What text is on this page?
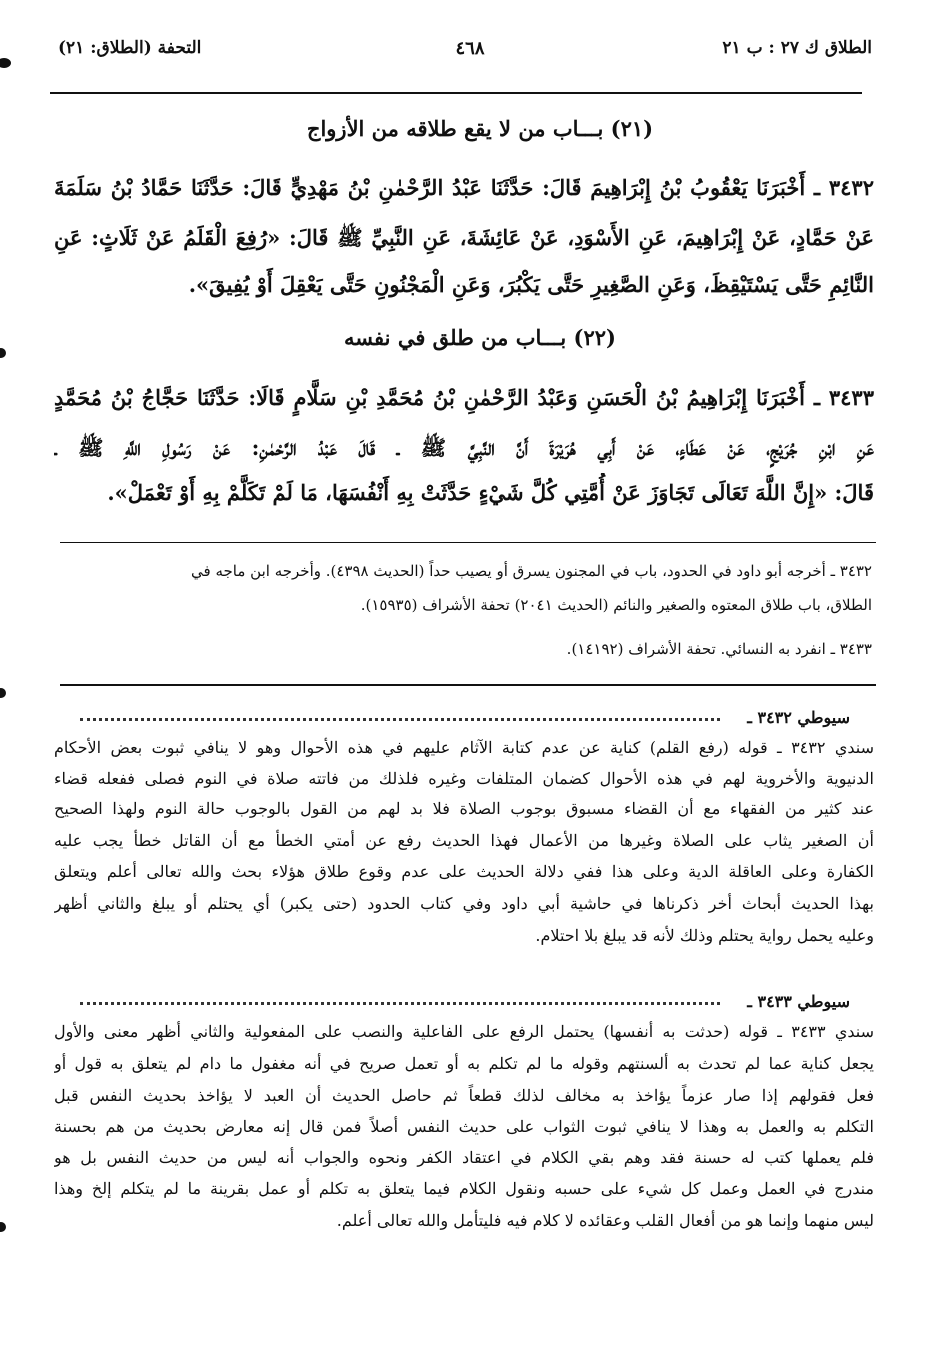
الطلاق ك ٢٧ : ب ٢١
٤٦٨
التحفة (الطلاق: ٢١)
(٢١) بـــاب من لا يقع طلاقه من الأزواج
٣٤٣٢ ـ أَخْبَرَنَا يَعْقُوبُ بْنُ إِبْرَاهِيمَ قَالَ: حَدَّثَنَا عَبْدُ الرَّحْمٰنِ بْنُ مَهْدِيٍّ قَالَ: حَدَّثَنَا حَمَّادُ بْنُ سَلَمَةَ
عَنْ حَمَّادٍ، عَنْ إِبْرَاهِيمَ، عَنِ الأَسْوَدِ، عَنْ عَائِشَةَ، عَنِ النَّبِيِّ ﷺ قَالَ: «رُفِعَ الْقَلَمُ عَنْ ثَلَاثٍ: عَنِ
النَّائِمِ حَتَّى يَسْتَيْقِظَ، وَعَنِ الصَّغِيرِ حَتَّى يَكْبُرَ، وَعَنِ الْمَجْنُونِ حَتَّى يَعْقِلَ أَوْ يُفِيقَ».
(٢٢) بـــاب من طلق في نفسه
٣٤٣٣ ـ أَخْبَرَنَا إِبْرَاهِيمُ بْنُ الْحَسَنِ وَعَبْدُ الرَّحْمٰنِ بْنُ مُحَمَّدِ بْنِ سَلَّامٍ قَالَا: حَدَّثَنَا حَجَّاجُ بْنُ مُحَمَّدٍ
عَنِ ابْنِ جُرَيْجٍ، عَنْ عَطَاءٍ، عَنْ أَبِي هُرَيْرَةَ أَنَّ النَّبِيَّ ﷺ ـ قَالَ عَبْدُ الرَّحْمٰنِ: عَنْ رَسُولِ اللَّهِ ﷺ ـ
قَالَ: «إِنَّ اللَّهَ تَعَالَى تَجَاوَزَ عَنْ أُمَّتِي كُلَّ شَيْءٍ حَدَّثَتْ بِهِ أَنْفُسَهَا، مَا لَمْ تَكَلَّمْ بِهِ أَوْ تَعْمَلْ».
٣٤٣٢ ـ أخرجه أبو داود في الحدود، باب في المجنون يسرق أو يصيب حداً (الحديث ٤٣٩٨). وأخرجه ابن ماجه في
الطلاق، باب طلاق المعتوه والصغير والنائم (الحديث ٢٠٤١) تحفة الأشراف (١٥٩٣٥).
٣٤٣٣ ـ انفرد به النسائي. تحفة الأشراف (١٤١٩٢).
سيوطي ٣٤٣٢ ـ
سندي ٣٤٣٢ ـ قوله (رفع القلم) كناية عن عدم كتابة الآثام عليهم في هذه الأحوال وهو لا ينافي ثبوت بعض الأحكام
الدنيوية والأخروية لهم في هذه الأحوال كضمان المتلفات وغيره فلذلك من فاتته صلاة في النوم فصلى ففعله قضاء
عند كثير من الفقهاء مع أن القضاء مسبوق بوجوب الصلاة فلا بد لهم من القول بالوجوب حالة النوم ولهذا الصحيح
أن الصغير يثاب على الصلاة وغيرها من الأعمال فهذا الحديث رفع عن أمتي الخطأ مع أن القاتل خطأ يجب عليه
الكفارة وعلى العاقلة الدية وعلى هذا ففي دلالة الحديث على عدم وقوع طلاق هؤلاء بحث والله تعالى أعلم ويتعلق
بهذا الحديث أبحاث أخر ذكرناها في حاشية أبي داود وفي كتاب الحدود (حتى يكبر) أي يحتلم أو يبلغ والثاني أظهر
وعليه يحمل رواية يحتلم وذلك لأنه قد يبلغ بلا احتلام.
سيوطي ٣٤٣٣ ـ
سندي ٣٤٣٣ ـ قوله (حدثت به أنفسها) يحتمل الرفع على الفاعلية والنصب على المفعولية والثاني أظهر معنى والأول
يجعل كناية عما لم تحدث به ألسنتهم وقوله ما لم تكلم به أو تعمل صريح في أنه مغفول ما دام لم يتعلق به قول أو
فعل فقولهم إذا صار عزماً يؤاخذ به مخالف لذلك قطعاً ثم حاصل الحديث أن العبد لا يؤاخذ بحديث النفس قبل
التكلم به والعمل به وهذا لا ينافي ثبوت الثواب على حديث النفس أصلاً فمن قال إنه معارض بحديث من هم بحسنة
فلم يعملها كتب له حسنة فقد وهم بقي الكلام في اعتقاد الكفر ونحوه والجواب أنه ليس من حديث النفس بل هو
مندرج في العمل وعمل كل شيء على حسبه ونقول الكلام فيما يتعلق به تكلم أو عمل بقرينة ما لم يتكلم إلخ وهذا
ليس منهما وإنما هو من أفعال القلب وعقائده لا كلام فيه فليتأمل والله تعالى أعلم.
